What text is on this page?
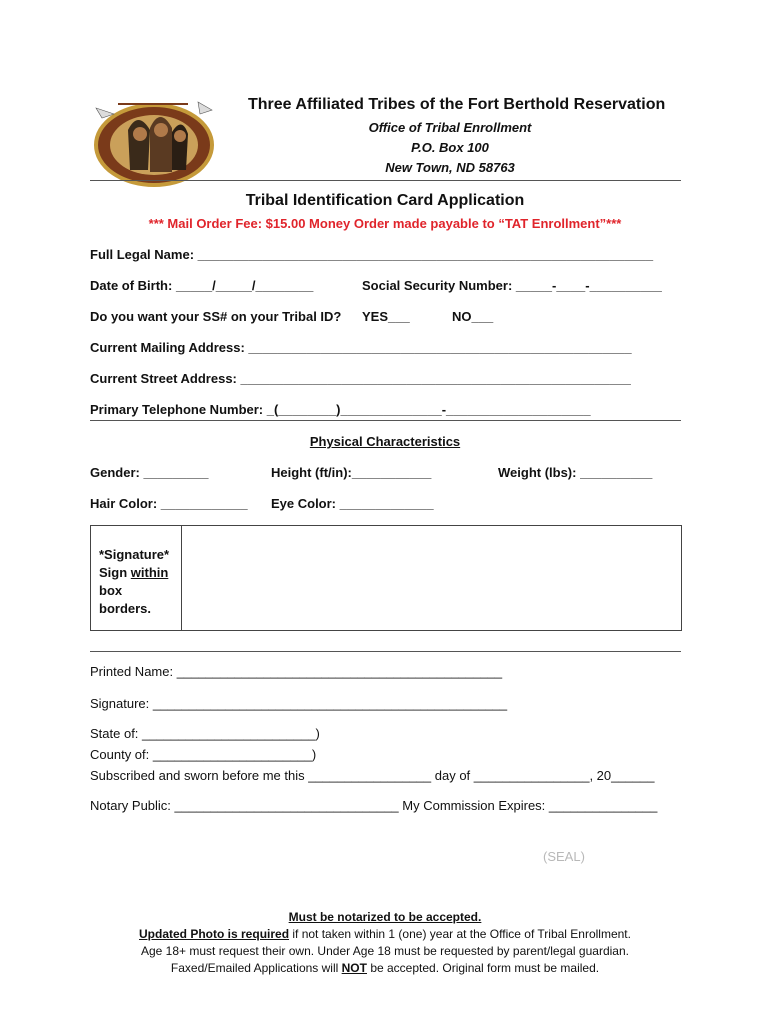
Three Affiliated Tribes of the Fort Berthold Reservation
Office of Tribal Enrollment
P.O. Box 100
New Town, ND 58763
Tribal Identification Card Application
*** Mail Order Fee: $15.00 Money Order made payable to “TAT Enrollment”***
Full Legal Name: _______________________________________________________________
Date of Birth: _____/_____/________	Social Security Number: _____-____-__________
Do you want your SS# on your Tribal ID? YES___	NO___
Current Mailing Address: _____________________________________________________
Current Street Address: ______________________________________________________
Primary Telephone Number: _(________)______________-____________________
Physical Characteristics
Gender: _________	Height (ft/in):___________	Weight (lbs): __________
Hair Color: ____________ Eye Color: _____________
*Signature*
Sign within
box
borders.
Printed Name: _____________________________________________
Signature: _________________________________________________
State of: ________________________)
County of: ______________________)
Subscribed and sworn before me this _________________ day of ________________, 20______
Notary Public: _______________________________ My Commission Expires: _______________
(SEAL)
Must be notarized to be accepted.
Updated Photo is required if not taken within 1 (one) year at the Office of Tribal Enrollment.
Age 18+ must request their own. Under Age 18 must be requested by parent/legal guardian.
Faxed/Emailed Applications will NOT be accepted. Original form must be mailed.
